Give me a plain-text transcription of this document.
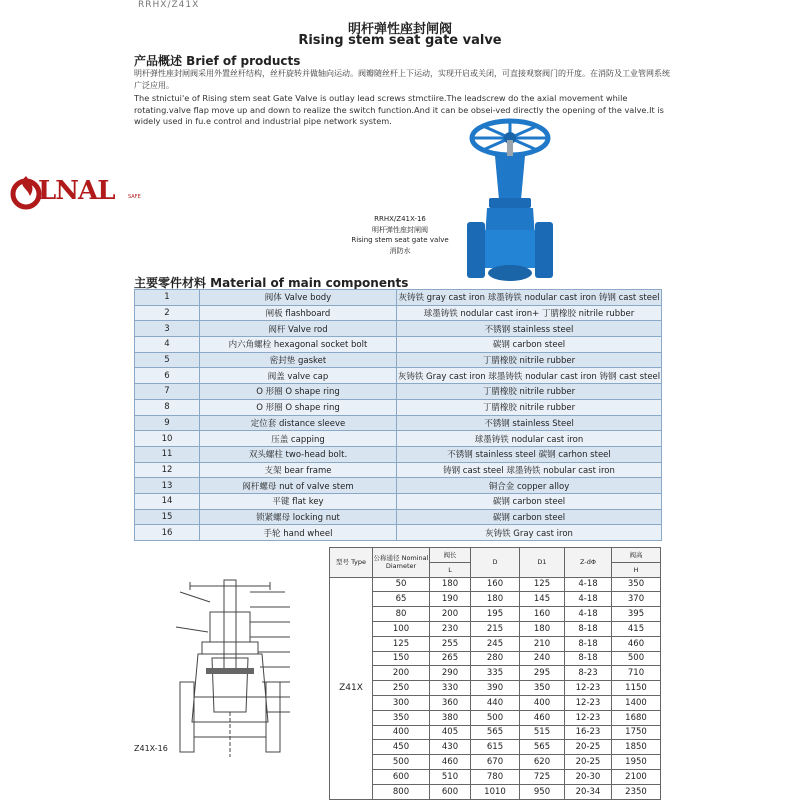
RRHX/Z41X
明杆弹性座封闸阀
Rising stem seat gate valve
产品概述 Brief of products
明杆弹性座封闸阀采用外置丝杆结构，丝杆旋转并做轴向运动。阀瓣随丝杆上下运动，实现开启或关闭，可直接观察阀门的开度。在消防及工业管网系统广泛应用。
The stnictui'e of Rising stem seat Gate Valve is outlay lead screws stmctiire.The leadscrew do the axial movement while rotating.valve flap move up and down to realize the switch function.And it can be obsei-ved directly the opening of the valve.It is widely used in fu.e control and industrial pipe network system.
LNAL	SAFE
RRHX/Z41X-16
明杆弹性座封闸阀
Rising stem seat gate valve
消防水
主要零件材料 Material of main components
1	阀体 Valve body	灰铸铁 gray cast iron 球墨铸铁 nodular cast iron 铸钢 cast steel
2	闸板 flashboard	球墨铸铁 nodular cast iron+ 丁腈橡胶 nitrile rubber
3	阀杆 Valve rod	不锈钢 stainless steel
4	内六角螺栓 hexagonal socket bolt	碳钢 carbon steel
5	密封垫 gasket	丁腈橡胶 nitrile rubber
6	阀盖 valve cap	灰铸铁 Gray cast iron 球墨铸铁 nodular cast iron 铸钢 cast steel
7	O 形圈 O shape ring	丁腈橡胶 nitrile rubber
8	O 形圈 O shape ring	丁腈橡胶 nitrile rubber
9	定位套 distance sleeve	不锈钢 stainless Steel
10	压盖 capping	球墨铸铁 nodular cast iron
11	双头螺柱 two-head bolt.	不锈钢 stainless steel 碳钢 carhon steel
12	支架 bear frame	铸钢 cast steel 球墨铸铁 nobular cast iron
13	阀杆螺母 nut of valve stem	铜合金 copper alloy
14	平键 flat key	碳钢 carbon steel
15	锁紧螺母 locking nut	碳钢 carbon steel
16	手轮 hand wheel	灰铸铁 Gray cast iron
Z41X-16
型号 Type	公称通径 Nominal Diameter	阀长	D	D1	Z-dΦ	阀高
		L				H
Z41X	50	180	160	125	4-18	350
	65	190	180	145	4-18	370
	80	200	195	160	4-18	395
	100	230	215	180	8-18	415
	125	255	245	210	8-18	460
	150	265	280	240	8-18	500
	200	290	335	295	8-23	710
	250	330	390	350	12-23	1150
	300	360	440	400	12-23	1400
	350	380	500	460	12-23	1680
	400	405	565	515	16-23	1750
	450	430	615	565	20-25	1850
	500	460	670	620	20-25	1950
	600	510	780	725	20-30	2100
	800	600	1010	950	20-34	2350
